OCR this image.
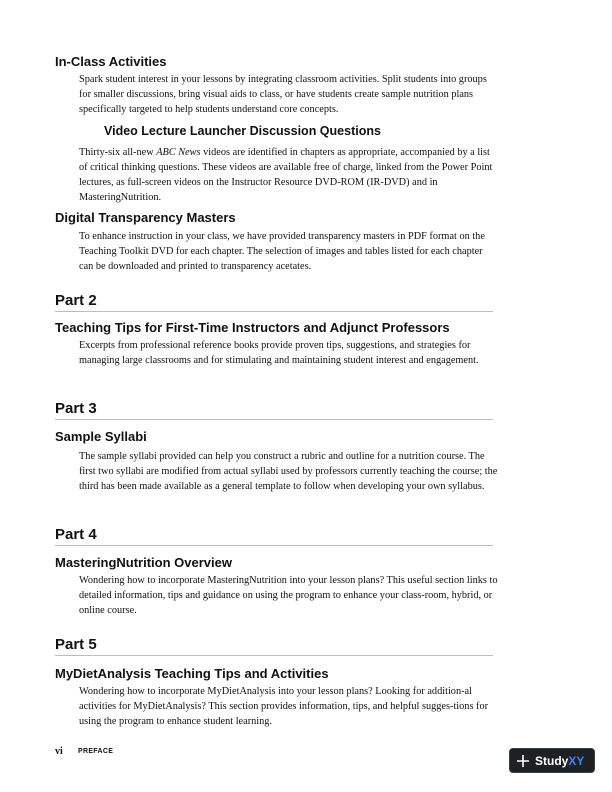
In-Class Activities

Spark student interest in your lessons by integrating classroom activities. Split students into groups for smaller discussions, bring visual aids to class, or have students create sample nutrition plans specifically targeted to help students understand core concepts.

Video Lecture Launcher Discussion Questions

Thirty-six all-new ABC News videos are identified in chapters as appropriate, accompanied by a list of critical thinking questions. These videos are available free of charge, linked from the Power Point lectures, as full-screen videos on the Instructor Resource DVD-ROM (IR-DVD) and in MasteringNutrition.

Digital Transparency Masters

To enhance instruction in your class, we have provided transparency masters in PDF format on the Teaching Toolkit DVD for each chapter. The selection of images and tables listed for each chapter can be downloaded and printed to transparency acetates.

Part 2
Teaching Tips for First-Time Instructors and Adjunct Professors

Excerpts from professional reference books provide proven tips, suggestions, and strategies for managing large classrooms and for stimulating and maintaining student interest and engagement.

Part 3
Sample Syllabi

The sample syllabi provided can help you construct a rubric and outline for a nutrition course. The first two syllabi are modified from actual syllabi used by professors currently teaching the course; the third has been made available as a general template to follow when developing your own syllabus.

Part 4
MasteringNutrition Overview

Wondering how to incorporate MasteringNutrition into your lesson plans? This useful section links to detailed information, tips and guidance on using the program to enhance your class-room, hybrid, or online course.

Part 5
MyDietAnalysis Teaching Tips and Activities

Wondering how to incorporate MyDietAnalysis into your lesson plans? Looking for addition-al activities for MyDietAnalysis? This section provides information, tips, and helpful sugges-tions for using the program to enhance student learning.

vi PREFACE
Study XY
